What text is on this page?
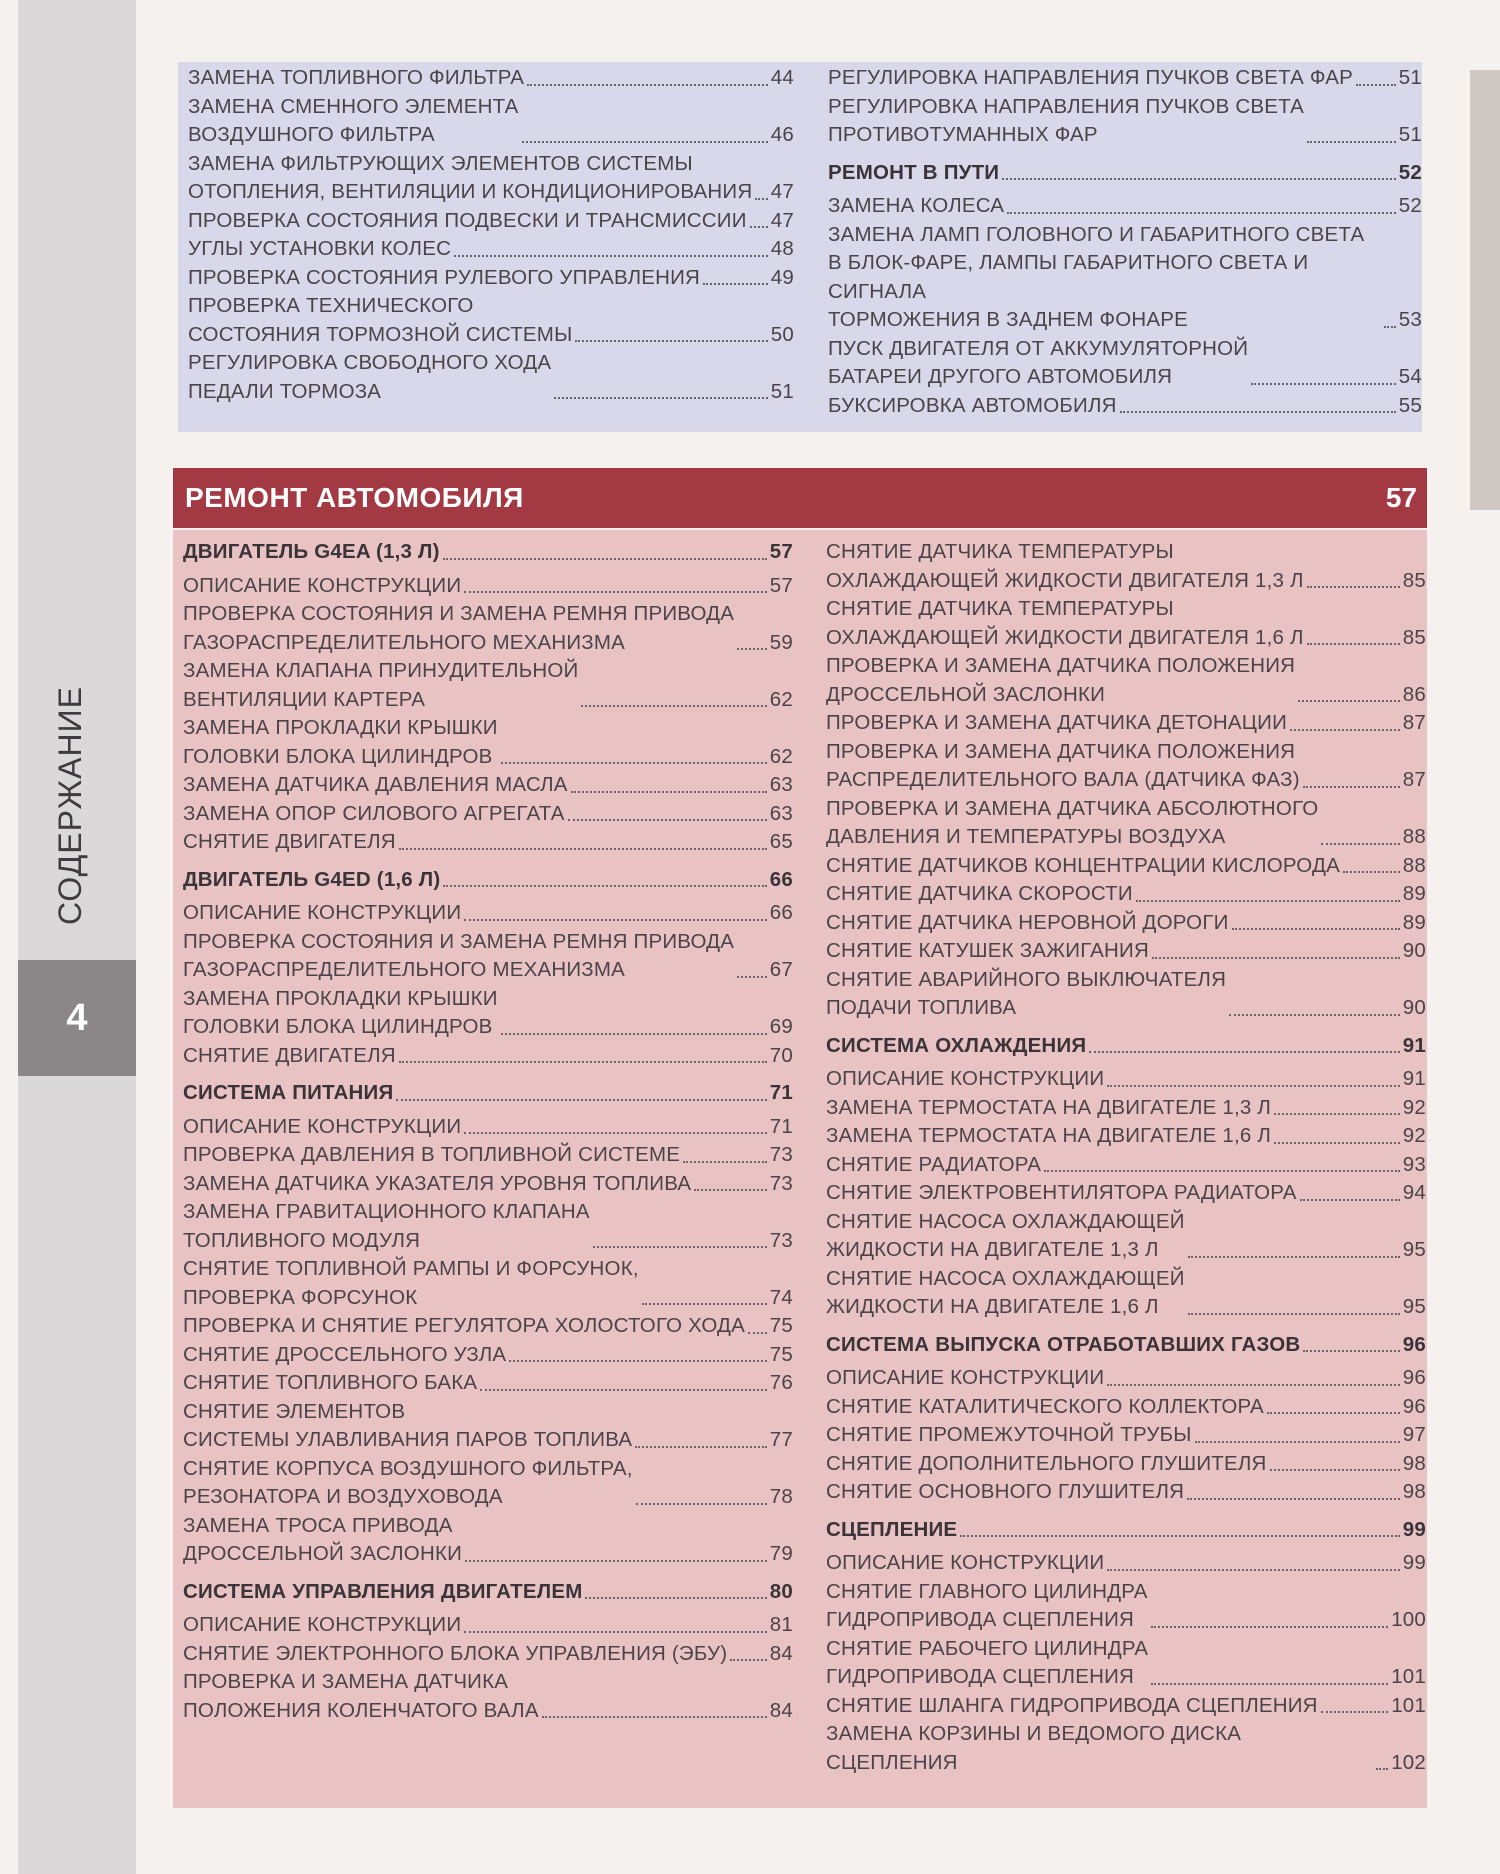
СОДЕРЖАНИЕ
4
РЕМОНТ АВТОМОБИЛЯ	57
ЗАМЕНА ТОПЛИВНОГО ФИЛЬТРА	44
ЗАМЕНА СМЕННОГО ЭЛЕМЕНТА
ВОЗДУШНОГО ФИЛЬТРА	46
ЗАМЕНА ФИЛЬТРУЮЩИХ ЭЛЕМЕНТОВ СИСТЕМЫ
ОТОПЛЕНИЯ, ВЕНТИЛЯЦИИ И КОНДИЦИОНИРОВАНИЯ 47
ПРОВЕРКА СОСТОЯНИЯ ПОДВЕСКИ И ТРАНСМИССИИ 47
УГЛЫ УСТАНОВКИ КОЛЕС	48
ПРОВЕРКА СОСТОЯНИЯ РУЛЕВОГО УПРАВЛЕНИЯ	49
ПРОВЕРКА ТЕХНИЧЕСКОГО
СОСТОЯНИЯ ТОРМОЗНОЙ СИСТЕМЫ	50
РЕГУЛИРОВКА СВОБОДНОГО ХОДА
ПЕДАЛИ ТОРМОЗА	51
РЕГУЛИРОВКА НАПРАВЛЕНИЯ ПУЧКОВ СВЕТА ФАР 51
РЕГУЛИРОВКА НАПРАВЛЕНИЯ ПУЧКОВ СВЕТА
ПРОТИВОТУМАННЫХ ФАР	51
РЕМОНТ В ПУТИ	52
ЗАМЕНА КОЛЕСА	52
ЗАМЕНА ЛАМП ГОЛОВНОГО И ГАБАРИТНОГО СВЕТА
В БЛОК-ФАРЕ, ЛАМПЫ ГАБАРИТНОГО СВЕТА И СИГНАЛА
ТОРМОЖЕНИЯ В ЗАДНЕМ ФОНАРЕ	53
ПУСК ДВИГАТЕЛЯ ОТ АККУМУЛЯТОРНОЙ
БАТАРЕИ ДРУГОГО АВТОМОБИЛЯ	54
БУКСИРОВКА АВТОМОБИЛЯ	55
ДВИГАТЕЛЬ G4EA (1,3 Л)	57
ОПИСАНИЕ КОНСТРУКЦИИ	57
ПРОВЕРКА СОСТОЯНИЯ И ЗАМЕНА РЕМНЯ ПРИВОДА
ГАЗОРАСПРЕДЕЛИТЕЛЬНОГО МЕХАНИЗМА	59
ЗАМЕНА КЛАПАНА ПРИНУДИТЕЛЬНОЙ
ВЕНТИЛЯЦИИ КАРТЕРА	62
ЗАМЕНА ПРОКЛАДКИ КРЫШКИ
ГОЛОВКИ БЛОКА ЦИЛИНДРОВ	62
ЗАМЕНА ДАТЧИКА ДАВЛЕНИЯ МАСЛА	63
ЗАМЕНА ОПОР СИЛОВОГО АГРЕГАТА	63
СНЯТИЕ ДВИГАТЕЛЯ	65
ДВИГАТЕЛЬ G4ED (1,6 Л)	66
ОПИСАНИЕ КОНСТРУКЦИИ	66
ПРОВЕРКА СОСТОЯНИЯ И ЗАМЕНА РЕМНЯ ПРИВОДА
ГАЗОРАСПРЕДЕЛИТЕЛЬНОГО МЕХАНИЗМА	67
ЗАМЕНА ПРОКЛАДКИ КРЫШКИ
ГОЛОВКИ БЛОКА ЦИЛИНДРОВ	69
СНЯТИЕ ДВИГАТЕЛЯ	70
СИСТЕМА ПИТАНИЯ	71
ОПИСАНИЕ КОНСТРУКЦИИ	71
ПРОВЕРКА ДАВЛЕНИЯ В ТОПЛИВНОЙ СИСТЕМЕ	73
ЗАМЕНА ДАТЧИКА УКАЗАТЕЛЯ УРОВНЯ ТОПЛИВА	73
ЗАМЕНА ГРАВИТАЦИОННОГО КЛАПАНА
ТОПЛИВНОГО МОДУЛЯ	73
СНЯТИЕ ТОПЛИВНОЙ РАМПЫ И ФОРСУНОК,
ПРОВЕРКА ФОРСУНОК	74
ПРОВЕРКА И СНЯТИЕ РЕГУЛЯТОРА ХОЛОСТОГО ХОДА 75
СНЯТИЕ ДРОССЕЛЬНОГО УЗЛА	75
СНЯТИЕ ТОПЛИВНОГО БАКА	76
СНЯТИЕ ЭЛЕМЕНТОВ
СИСТЕМЫ УЛАВЛИВАНИЯ ПАРОВ ТОПЛИВА	77
СНЯТИЕ КОРПУСА ВОЗДУШНОГО ФИЛЬТРА,
РЕЗОНАТОРА И ВОЗДУХОВОДА	78
ЗАМЕНА ТРОСА ПРИВОДА
ДРОССЕЛЬНОЙ ЗАСЛОНКИ	79
СИСТЕМА УПРАВЛЕНИЯ ДВИГАТЕЛЕМ	80
ОПИСАНИЕ КОНСТРУКЦИИ	81
СНЯТИЕ ЭЛЕКТРОННОГО БЛОКА УПРАВЛЕНИЯ (ЭБУ) 84
ПРОВЕРКА И ЗАМЕНА ДАТЧИКА
ПОЛОЖЕНИЯ КОЛЕНЧАТОГО ВАЛА	84
СНЯТИЕ ДАТЧИКА ТЕМПЕРАТУРЫ
ОХЛАЖДАЮЩЕЙ ЖИДКОСТИ ДВИГАТЕЛЯ 1,3 Л	85
СНЯТИЕ ДАТЧИКА ТЕМПЕРАТУРЫ
ОХЛАЖДАЮЩЕЙ ЖИДКОСТИ ДВИГАТЕЛЯ 1,6 Л	85
ПРОВЕРКА И ЗАМЕНА ДАТЧИКА ПОЛОЖЕНИЯ
ДРОССЕЛЬНОЙ ЗАСЛОНКИ	86
ПРОВЕРКА И ЗАМЕНА ДАТЧИКА ДЕТОНАЦИИ	87
ПРОВЕРКА И ЗАМЕНА ДАТЧИКА ПОЛОЖЕНИЯ
РАСПРЕДЕЛИТЕЛЬНОГО ВАЛА (ДАТЧИКА ФАЗ)	87
ПРОВЕРКА И ЗАМЕНА ДАТЧИКА АБСОЛЮТНОГО
ДАВЛЕНИЯ И ТЕМПЕРАТУРЫ ВОЗДУХА	88
СНЯТИЕ ДАТЧИКОВ КОНЦЕНТРАЦИИ КИСЛОРОДА	88
СНЯТИЕ ДАТЧИКА СКОРОСТИ	89
СНЯТИЕ ДАТЧИКА НЕРОВНОЙ ДОРОГИ	89
СНЯТИЕ КАТУШЕК ЗАЖИГАНИЯ	90
СНЯТИЕ АВАРИЙНОГО ВЫКЛЮЧАТЕЛЯ
ПОДАЧИ ТОПЛИВА	90
СИСТЕМА ОХЛАЖДЕНИЯ	91
ОПИСАНИЕ КОНСТРУКЦИИ	91
ЗАМЕНА ТЕРМОСТАТА НА ДВИГАТЕЛЕ 1,3 Л	92
ЗАМЕНА ТЕРМОСТАТА НА ДВИГАТЕЛЕ 1,6 Л	92
СНЯТИЕ РАДИАТОРА	93
СНЯТИЕ ЭЛЕКТРОВЕНТИЛЯТОРА РАДИАТОРА	94
СНЯТИЕ НАСОСА ОХЛАЖДАЮЩЕЙ
ЖИДКОСТИ НА ДВИГАТЕЛЕ 1,3 Л	95
СНЯТИЕ НАСОСА ОХЛАЖДАЮЩЕЙ
ЖИДКОСТИ НА ДВИГАТЕЛЕ 1,6 Л	95
СИСТЕМА ВЫПУСКА ОТРАБОТАВШИХ ГАЗОВ	96
ОПИСАНИЕ КОНСТРУКЦИИ	96
СНЯТИЕ КАТАЛИТИЧЕСКОГО КОЛЛЕКТОРА	96
СНЯТИЕ ПРОМЕЖУТОЧНОЙ ТРУБЫ	97
СНЯТИЕ ДОПОЛНИТЕЛЬНОГО ГЛУШИТЕЛЯ	98
СНЯТИЕ ОСНОВНОГО ГЛУШИТЕЛЯ	98
СЦЕПЛЕНИЕ	99
ОПИСАНИЕ КОНСТРУКЦИИ	99
СНЯТИЕ ГЛАВНОГО ЦИЛИНДРА
ГИДРОПРИВОДА СЦЕПЛЕНИЯ	100
СНЯТИЕ РАБОЧЕГО ЦИЛИНДРА
ГИДРОПРИВОДА СЦЕПЛЕНИЯ	101
СНЯТИЕ ШЛАНГА ГИДРОПРИВОДА СЦЕПЛЕНИЯ	101
ЗАМЕНА КОРЗИНЫ И ВЕДОМОГО ДИСКА СЦЕПЛЕНИЯ	102
